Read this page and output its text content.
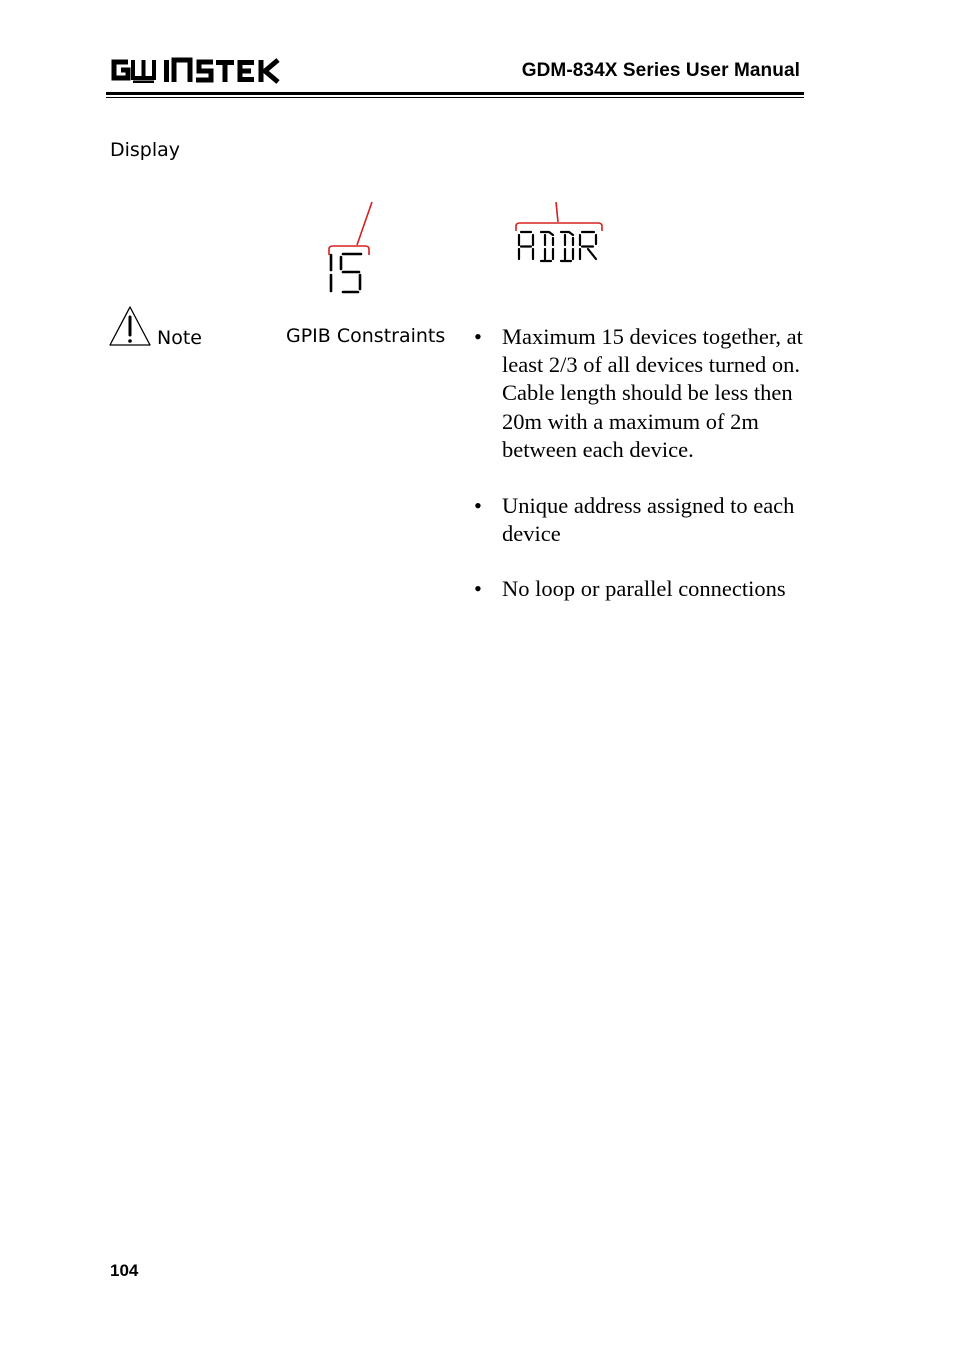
GDM-834X Series User Manual
Display
Note	GPIB Constraints • Maximum 15 devices together, at least 2/3 of all devices turned on. Cable length should be less then 20m with a maximum of 2m between each device.
• Unique address assigned to each device
• No loop or parallel connections
104
